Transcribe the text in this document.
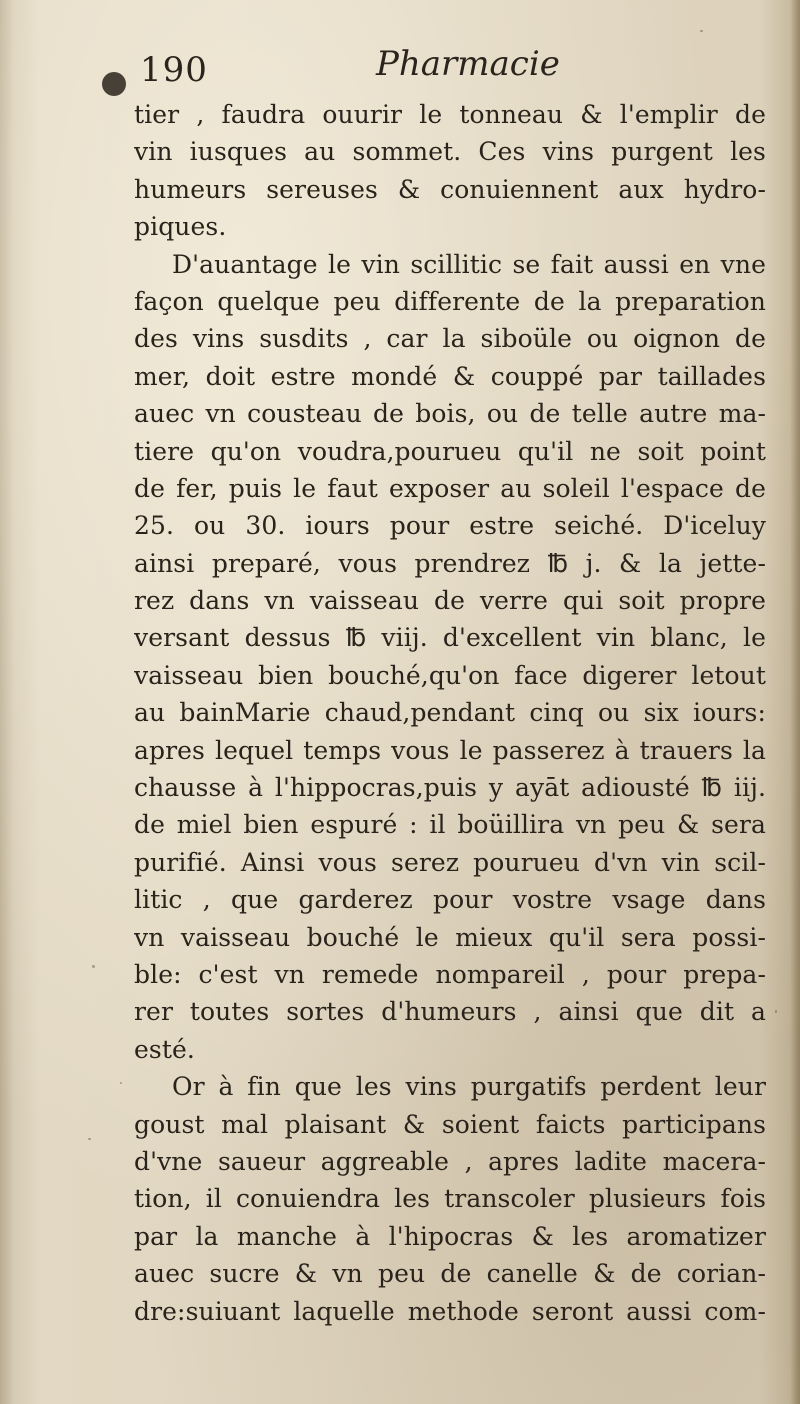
190	Pharmacie
tier , faudra ouurir le tonneau & l'emplir de
vin iusques au sommet. Ces vins purgent les
humeurs sereuses & conuiennent aux hydro-
piques.
D'auantage le vin scillitic se fait aussi en vne
façon quelque peu differente de la preparation
des vins susdits , car la siboüle ou oignon de
mer, doit estre mondé & couppé par taillades
auec vn cousteau de bois, ou de telle autre ma-
tiere qu'on voudra,pourueu qu'il ne soit point
de fer, puis le faut exposer au soleil l'espace de
25. ou 30. iours pour estre seiché. D'iceluy
ainsi preparé, vous prendrez ℔ j. & la jette-
rez dans vn vaisseau de verre qui soit propre
versant dessus ℔ viij. d'excellent vin blanc, le
vaisseau bien bouché,qu'on face digerer letout
au bainMarie chaud,pendant cinq ou six iours:
apres lequel temps vous le passerez à trauers la
chausse à l'hippocras,puis y ayāt adiousté ℔ iij.
de miel bien espuré : il boüillira vn peu & sera
purifié. Ainsi vous serez pourueu d'vn vin scil-
litic , que garderez pour vostre vsage dans
vn vaisseau bouché le mieux qu'il sera possi-
ble: c'est vn remede nompareil , pour prepa-
rer toutes sortes d'humeurs , ainsi que dit a
esté.
Or à fin que les vins purgatifs perdent leur
goust mal plaisant & soient faicts participans
d'vne saueur aggreable , apres ladite macera-
tion, il conuiendra les transcoler plusieurs fois
par la manche à l'hipocras & les aromatizer
auec sucre & vn peu de canelle & de corian-
dre:suiuant laquelle methode seront aussi com-
